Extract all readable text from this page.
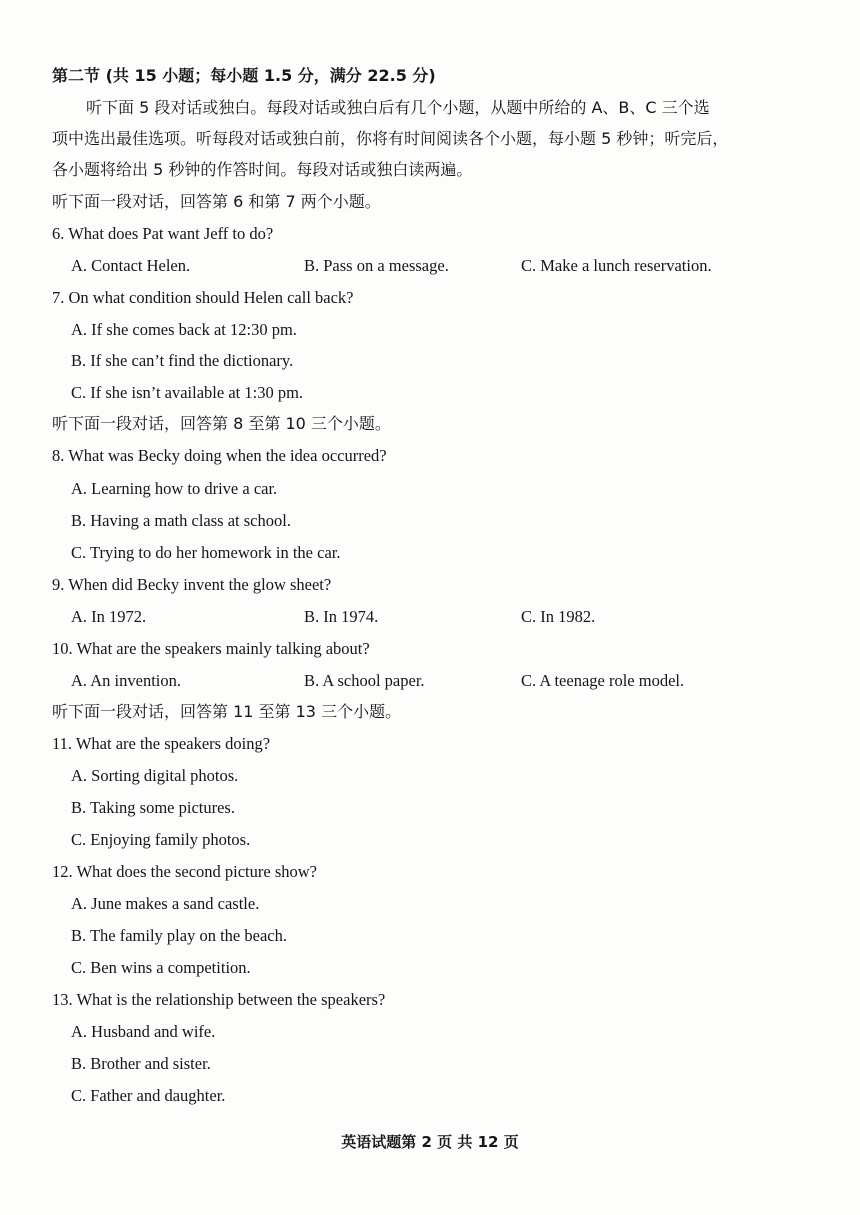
第二节 (共 15 小题；每小题 1.5 分，满分 22.5 分)
听下面 5 段对话或独白。每段对话或独白后有几个小题，从题中所给的 A、B、C 三个选
项中选出最佳选项。听每段对话或独白前，你将有时间阅读各个小题，每小题 5 秒钟；听完后，
各小题将给出 5 秒钟的作答时间。每段对话或独白读两遍。
听下面一段对话，回答第 6 和第 7 两个小题。
6. What does Pat want Jeff to do?
A. Contact Helen.	B. Pass on a message.	C. Make a lunch reservation.
7. On what condition should Helen call back?
A. If she comes back at 12:30 pm.
B. If she can’t find the dictionary.
C. If she isn’t available at 1:30 pm.
听下面一段对话，回答第 8 至第 10 三个小题。
8. What was Becky doing when the idea occurred?
A. Learning how to drive a car.
B. Having a math class at school.
C. Trying to do her homework in the car.
9. When did Becky invent the glow sheet?
A. In 1972.	B. In 1974.	C. In 1982.
10. What are the speakers mainly talking about?
A. An invention.	B. A school paper.	C. A teenage role model.
听下面一段对话，回答第 11 至第 13 三个小题。
11. What are the speakers doing?
A. Sorting digital photos.
B. Taking some pictures.
C. Enjoying family photos.
12. What does the second picture show?
A. June makes a sand castle.
B. The family play on the beach.
C. Ben wins a competition.
13. What is the relationship between the speakers?
A. Husband and wife.
B. Brother and sister.
C. Father and daughter.
英语试题第 2 页 共 12 页
